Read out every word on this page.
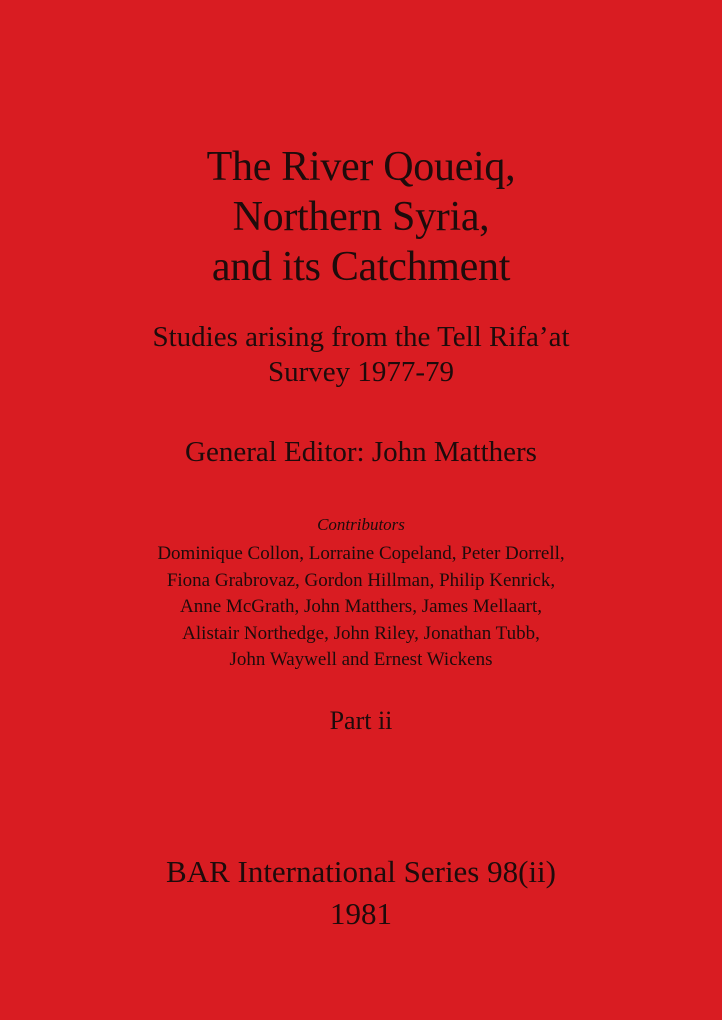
The River Qoueiq,
Northern Syria,
and its Catchment
Studies arising from the Tell Rifa’at
Survey 1977-79
General Editor: John Matthers
Contributors
Dominique Collon, Lorraine Copeland, Peter Dorrell,
Fiona Grabrovaz, Gordon Hillman, Philip Kenrick,
Anne McGrath, John Matthers, James Mellaart,
Alistair Northedge, John Riley, Jonathan Tubb,
John Waywell and Ernest Wickens
Part ii
BAR International Series 98(ii)
1981
